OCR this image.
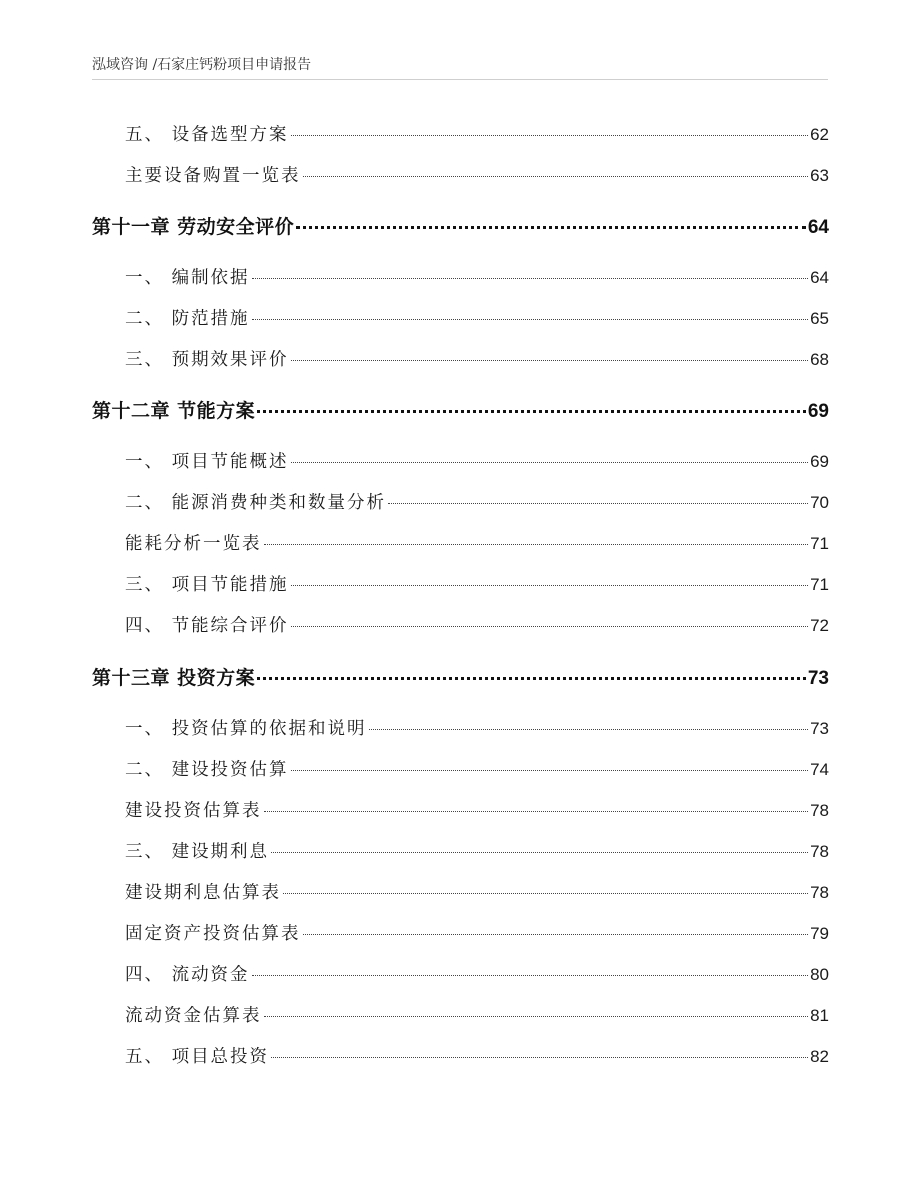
泓域咨询 /石家庄钙粉项目申请报告
五、 设备选型方案	62
主要设备购置一览表	63
第十一章 劳动安全评价	64
一、 编制依据	64
二、 防范措施	65
三、 预期效果评价	68
第十二章 节能方案	69
一、 项目节能概述	69
二、 能源消费种类和数量分析	70
能耗分析一览表	71
三、 项目节能措施	71
四、 节能综合评价	72
第十三章 投资方案	73
一、 投资估算的依据和说明	73
二、 建设投资估算	74
建设投资估算表	78
三、 建设期利息	78
建设期利息估算表	78
固定资产投资估算表	79
四、 流动资金	80
流动资金估算表	81
五、 项目总投资	82
